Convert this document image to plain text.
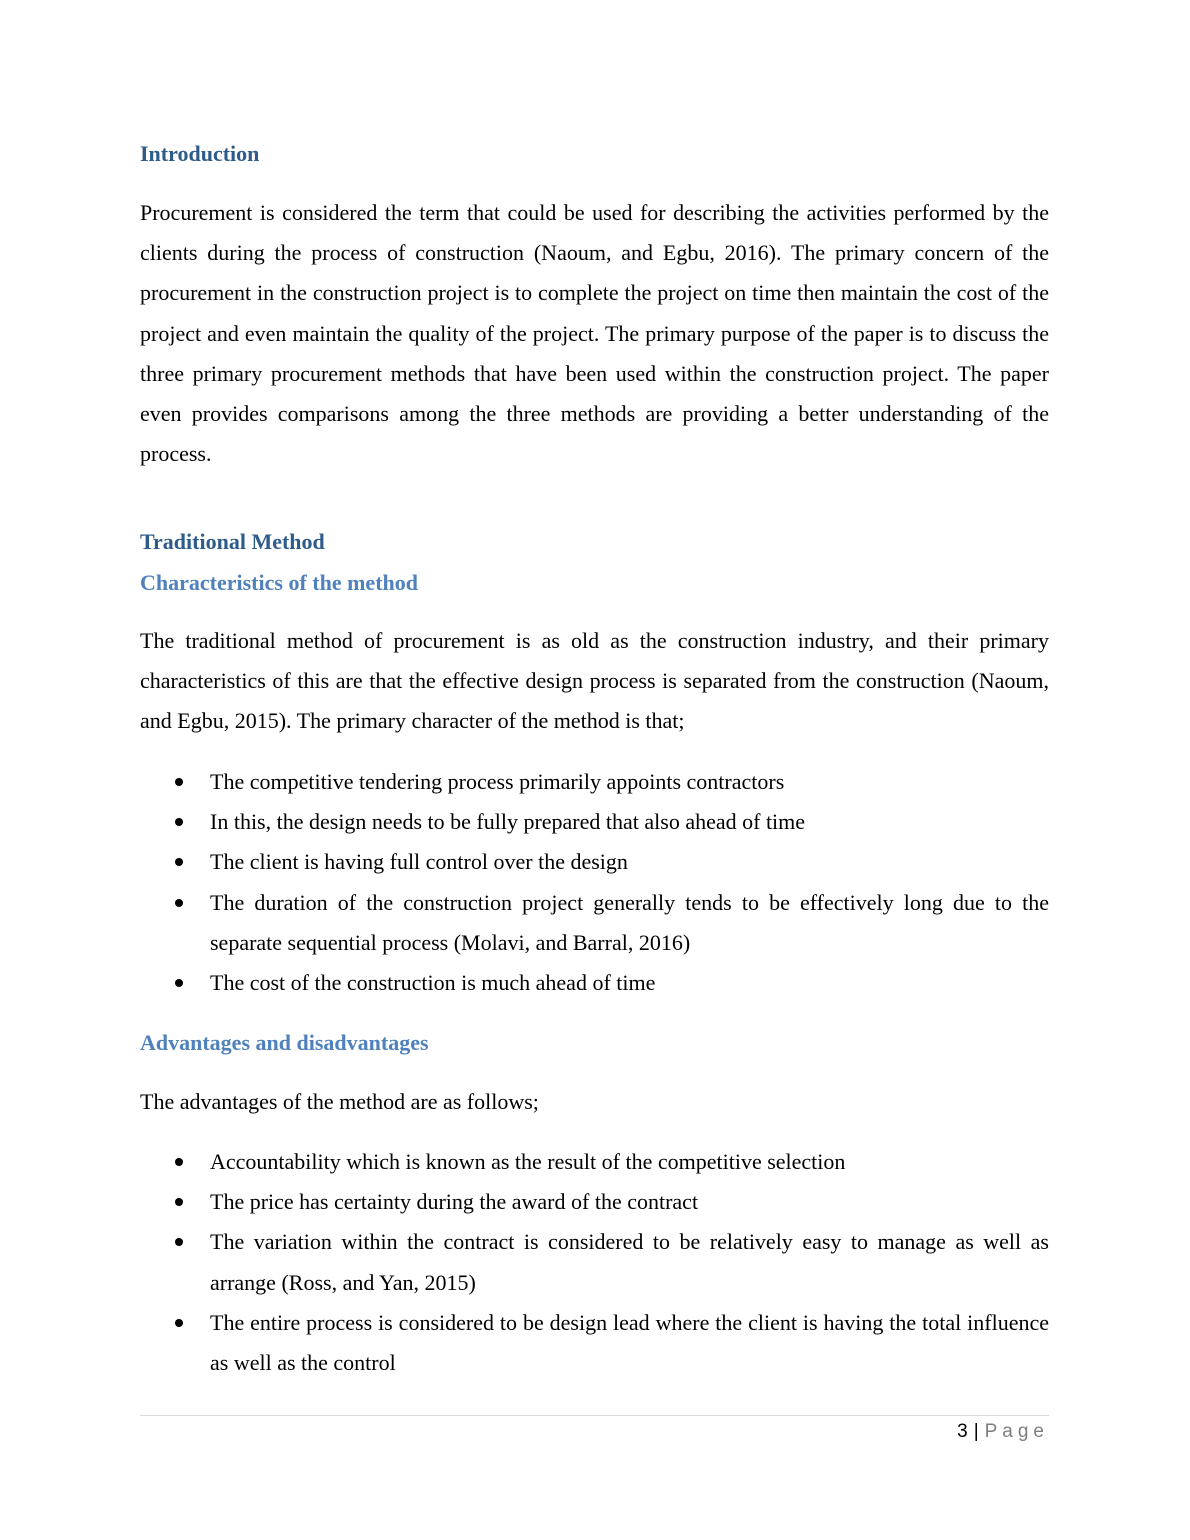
Introduction

Procurement is considered the term that could be used for describing the activities performed by the clients during the process of construction (Naoum, and Egbu, 2016). The primary concern of the procurement in the construction project is to complete the project on time then maintain the cost of the project and even maintain the quality of the project. The primary purpose of the paper is to discuss the three primary procurement methods that have been used within the construction project. The paper even provides comparisons among the three methods are providing a better understanding of the process.

Traditional Method
Characteristics of the method

The traditional method of procurement is as old as the construction industry, and their primary characteristics of this are that the effective design process is separated from the construction (Naoum, and Egbu, 2015). The primary character of the method is that;

The competitive tendering process primarily appoints contractors
In this, the design needs to be fully prepared that also ahead of time
The client is having full control over the design
The duration of the construction project generally tends to be effectively long due to the separate sequential process (Molavi, and Barral, 2016)
The cost of the construction is much ahead of time
Advantages and disadvantages

The advantages of the method are as follows;

Accountability which is known as the result of the competitive selection
The price has certainty during the award of the contract
The variation within the contract is considered to be relatively easy to manage as well as arrange (Ross, and Yan, 2015)
The entire process is considered to be design lead where the client is having the total influence as well as the control
3 | Page
